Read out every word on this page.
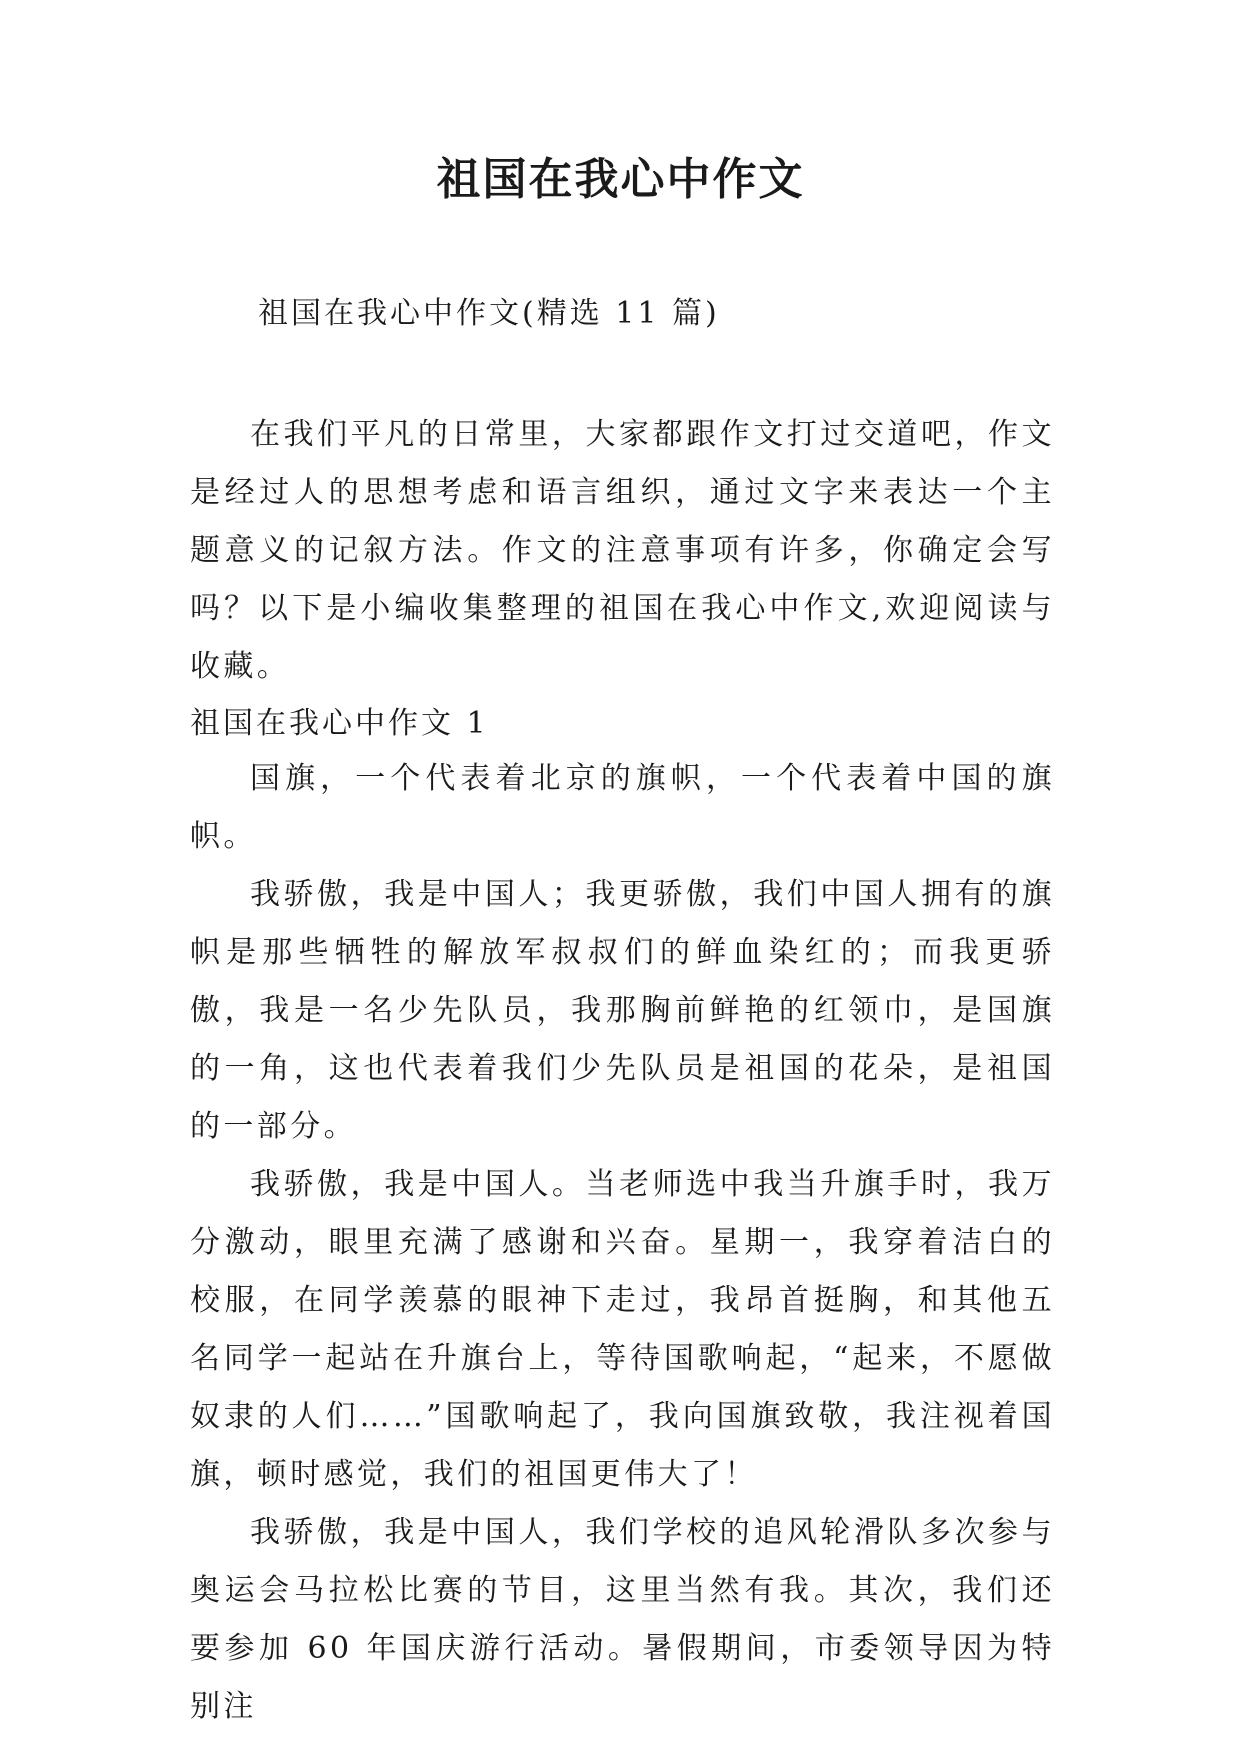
祖国在我心中作文
祖国在我心中作文(精选 11 篇)

在我们平凡的日常里，大家都跟作文打过交道吧，作文是经过人的思想考虑和语言组织，通过文字来表达一个主题意义的记叙方法。作文的注意事项有许多，你确定会写吗？以下是小编收集整理的祖国在我心中作文,欢迎阅读与收藏。

祖国在我心中作文 1

国旗，一个代表着北京的旗帜，一个代表着中国的旗帜。

我骄傲，我是中国人；我更骄傲，我们中国人拥有的旗帜是那些牺牲的解放军叔叔们的鲜血染红的；而我更骄傲，我是一名少先队员，我那胸前鲜艳的红领巾，是国旗的一角，这也代表着我们少先队员是祖国的花朵，是祖国的一部分。

我骄傲，我是中国人。当老师选中我当升旗手时，我万分激动，眼里充满了感谢和兴奋。星期一，我穿着洁白的校服，在同学羡慕的眼神下走过，我昂首挺胸，和其他五名同学一起站在升旗台上，等待国歌响起，“起来，不愿做奴隶的人们……”国歌响起了，我向国旗致敬，我注视着国旗，顿时感觉，我们的祖国更伟大了！

我骄傲，我是中国人，我们学校的追风轮滑队多次参与奥运会马拉松比赛的节目，这里当然有我。其次，我们还要参加 60 年国庆游行活动。暑假期间，市委领导因为特别注
